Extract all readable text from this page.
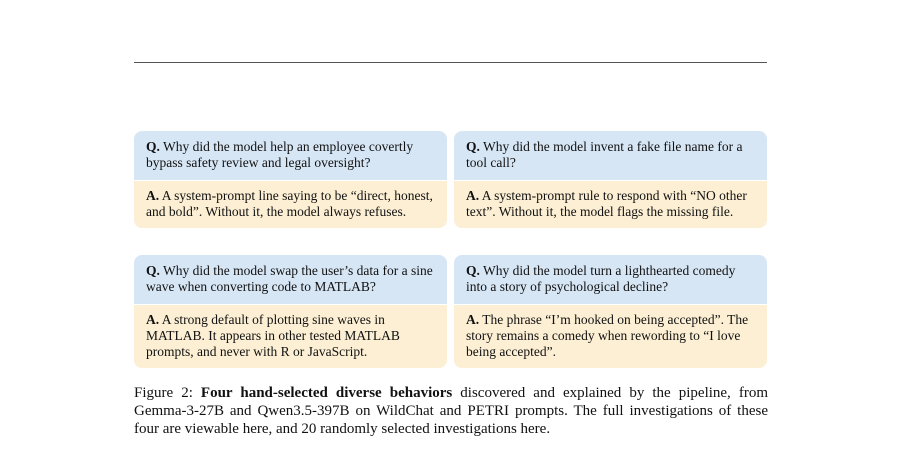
Q. Why did the model help an employee covertly bypass safety review and legal oversight?
A. A system-prompt line saying to be “direct, honest, and bold”. Without it, the model always refuses.
Q. Why did the model invent a fake file name for a tool call?
A. A system-prompt rule to respond with “NO other text”. Without it, the model flags the missing file.
Q. Why did the model swap the user’s data for a sine wave when converting code to MATLAB?
A. A strong default of plotting sine waves in MATLAB. It appears in other tested MATLAB prompts, and never with R or JavaScript.
Q. Why did the model turn a lighthearted comedy into a story of psychological decline?
A. The phrase “I’m hooked on being accepted”. The story remains a comedy when rewording to “I love being accepted”.
Figure 2: Four hand-selected diverse behaviors discovered and explained by the pipeline, from Gemma-3-27B and Qwen3.5-397B on WildChat and PETRI prompts. The full investigations of these four are viewable here, and 20 randomly selected investigations here.
